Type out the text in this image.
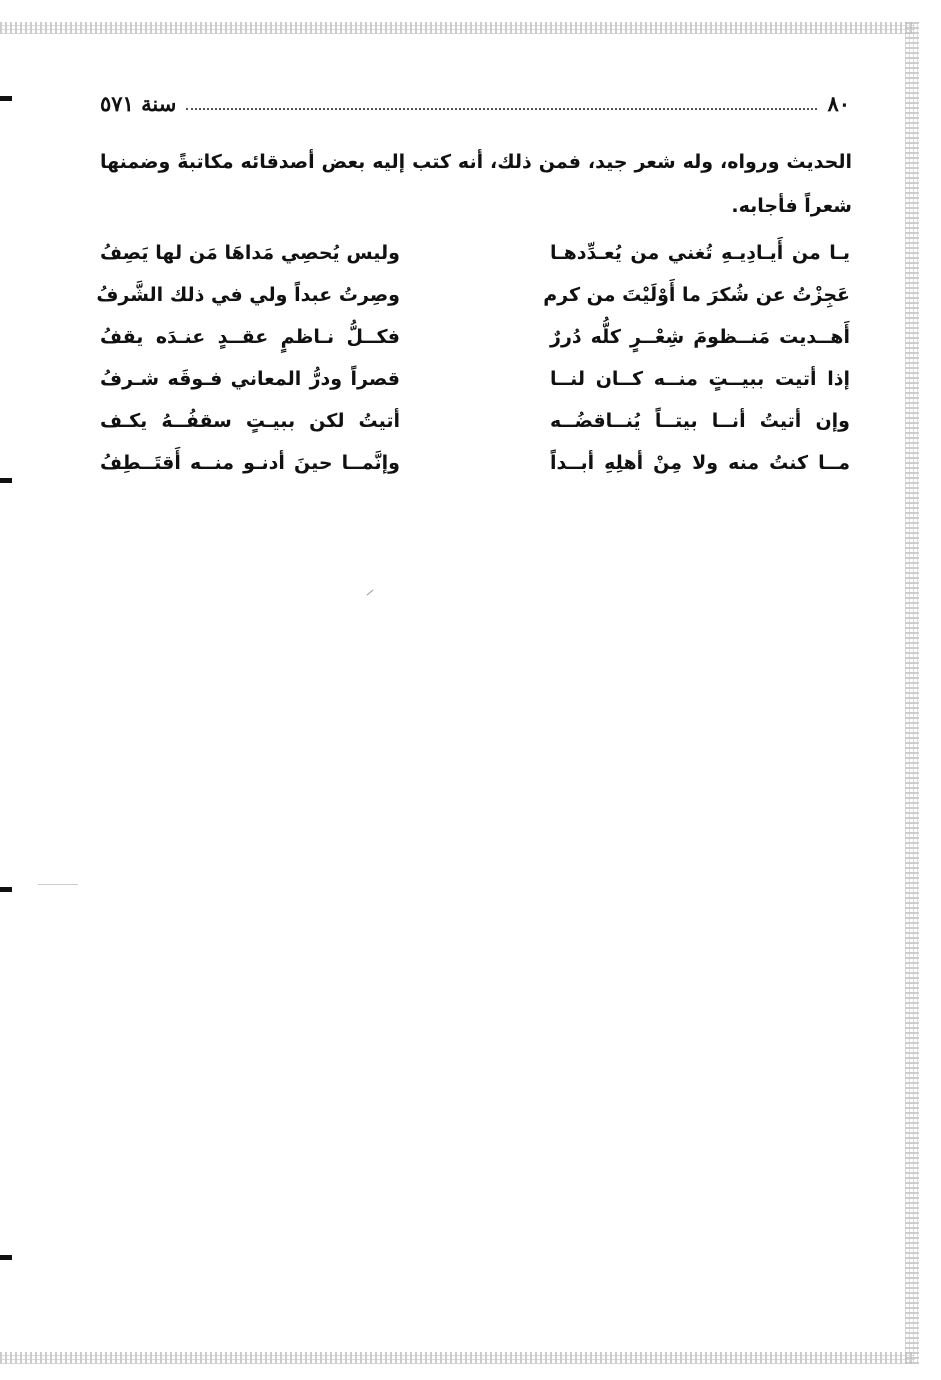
٨٠
سنة ٥٧١
الحديث ورواه، وله شعر جيد، فمن ذلك، أنه كتب إليه بعض أصدقائه مكاتبةً وضمنها
شعراً فأجابه.
يـا من أَيـادِيـهِ تُغني من يُعـدِّدهـا
وليس يُحصِي مَداهَا مَن لها يَصِفُ
عَجِزْتُ عن شُكرَ ما أَوْلَيْتَ من كرم
وصِرتُ عبداً ولي في ذلك الشَّرفُ
أَهــديت مَنــظومَ شِعْــرٍ كلُّه دُررٌ
فكــلُّ نـاظمٍ عقــدٍ عنـدَه يقفُ
إذا أتيت ببيــتٍ منــه كــان لنــا
قصراً ودرُّ المعاني فـوقَه شـرفُ
وإن أتيتُ أنــا بيتــاً يُنــاقضُــه
أتيتُ لكن ببيـتٍ سقفُــهُ يكـف
مــا كنتُ منه ولا مِنْ أهلِهِ أبــداً
وإنَّمــا حينَ أدنـو منــه أَقتَــطِفُ
